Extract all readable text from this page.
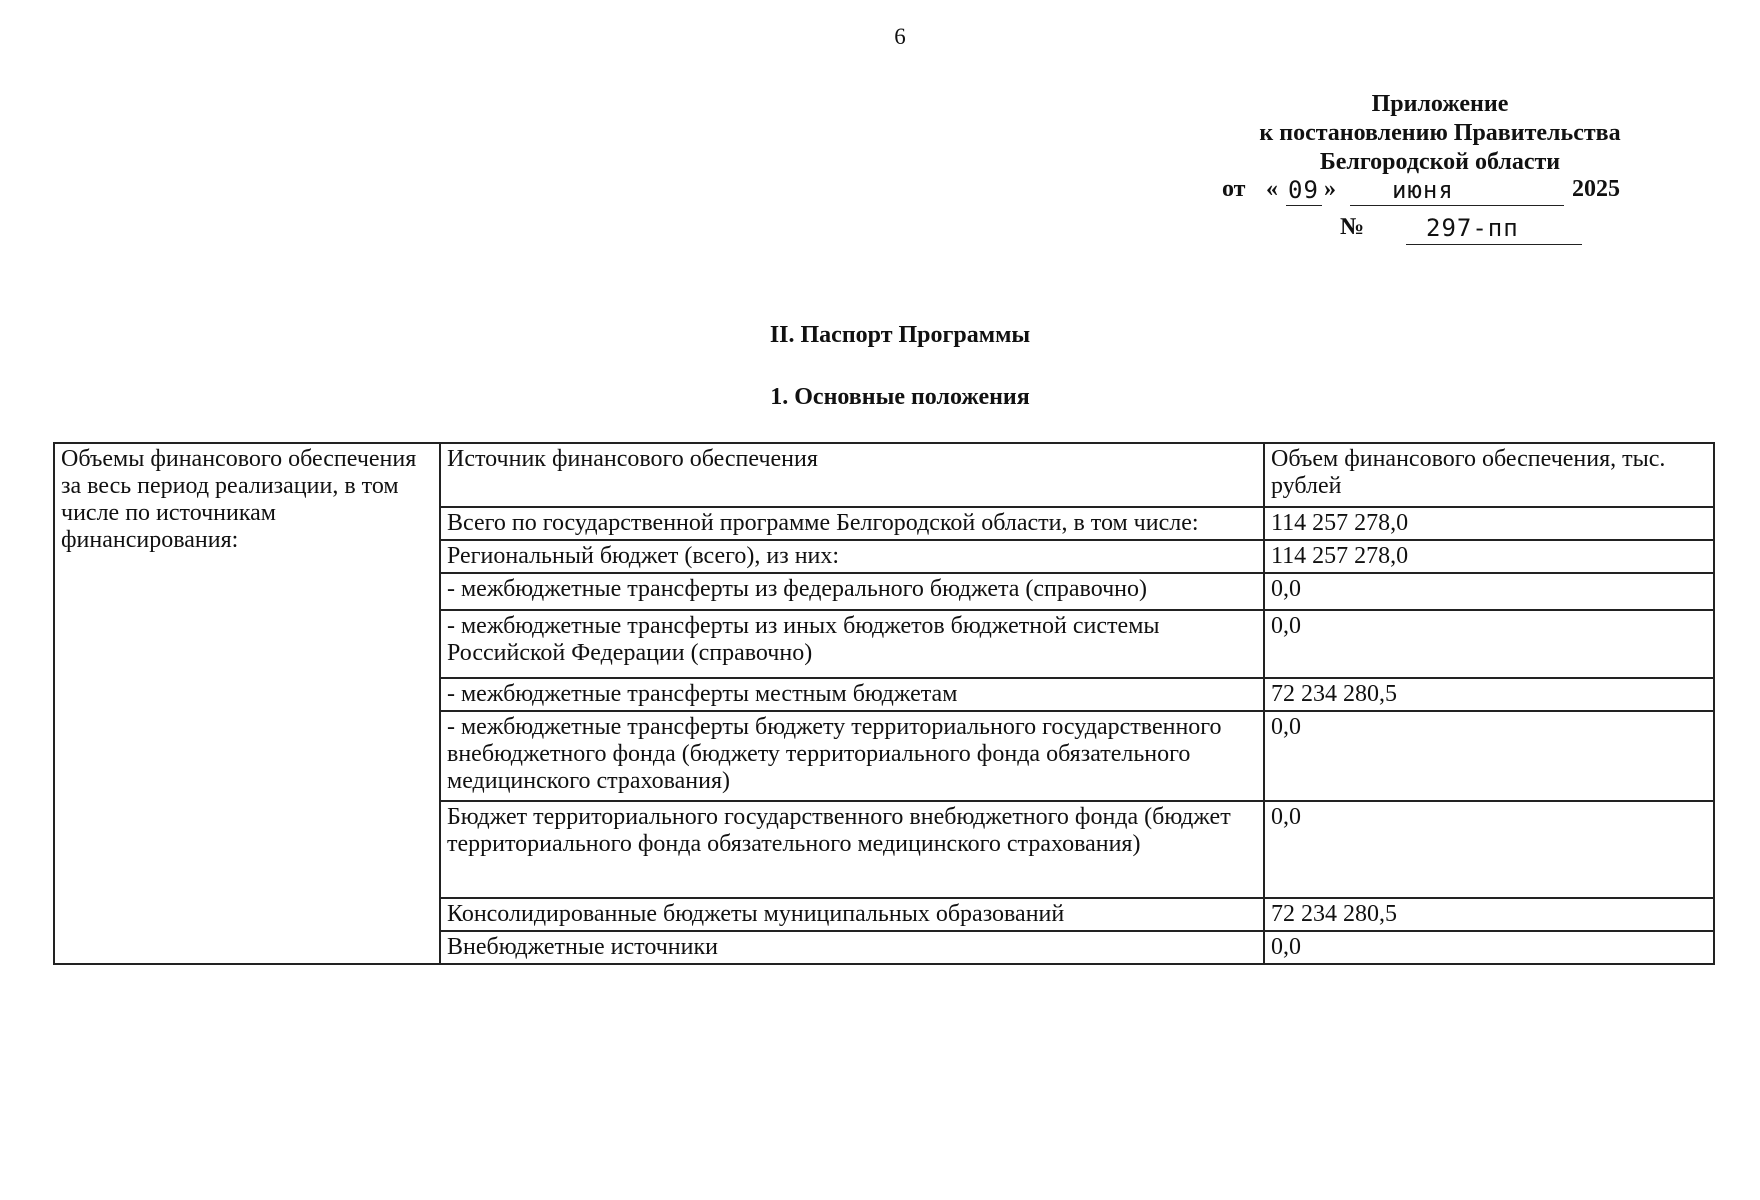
6
Приложение
к постановлению Правительства
Белгородской области
от « 09 » июня	2025
№	297-пп
II. Паспорт Программы
1. Основные положения
Объемы финансового обеспечения за весь период реализации, в том числе по источникам финансирования:	Источник финансового обеспечения	Объем финансового обеспечения, тыс. рублей
	Всего по государственной программе Белгородской области, в том числе:	114 257 278,0
	Региональный бюджет (всего), из них:	114 257 278,0
	- межбюджетные трансферты из федерального бюджета (справочно)	0,0
	- межбюджетные трансферты из иных бюджетов бюджетной системы Российской Федерации (справочно)	0,0
	- межбюджетные трансферты местным бюджетам	72 234 280,5
	- межбюджетные трансферты бюджету территориального государственного внебюджетного фонда (бюджету территориального фонда обязательного медицинского страхования)	0,0
	Бюджет территориального государственного внебюджетного фонда (бюджет территориального фонда обязательного медицинского страхования)	0,0
	Консолидированные бюджеты муниципальных образований	72 234 280,5
	Внебюджетные источники	0,0
